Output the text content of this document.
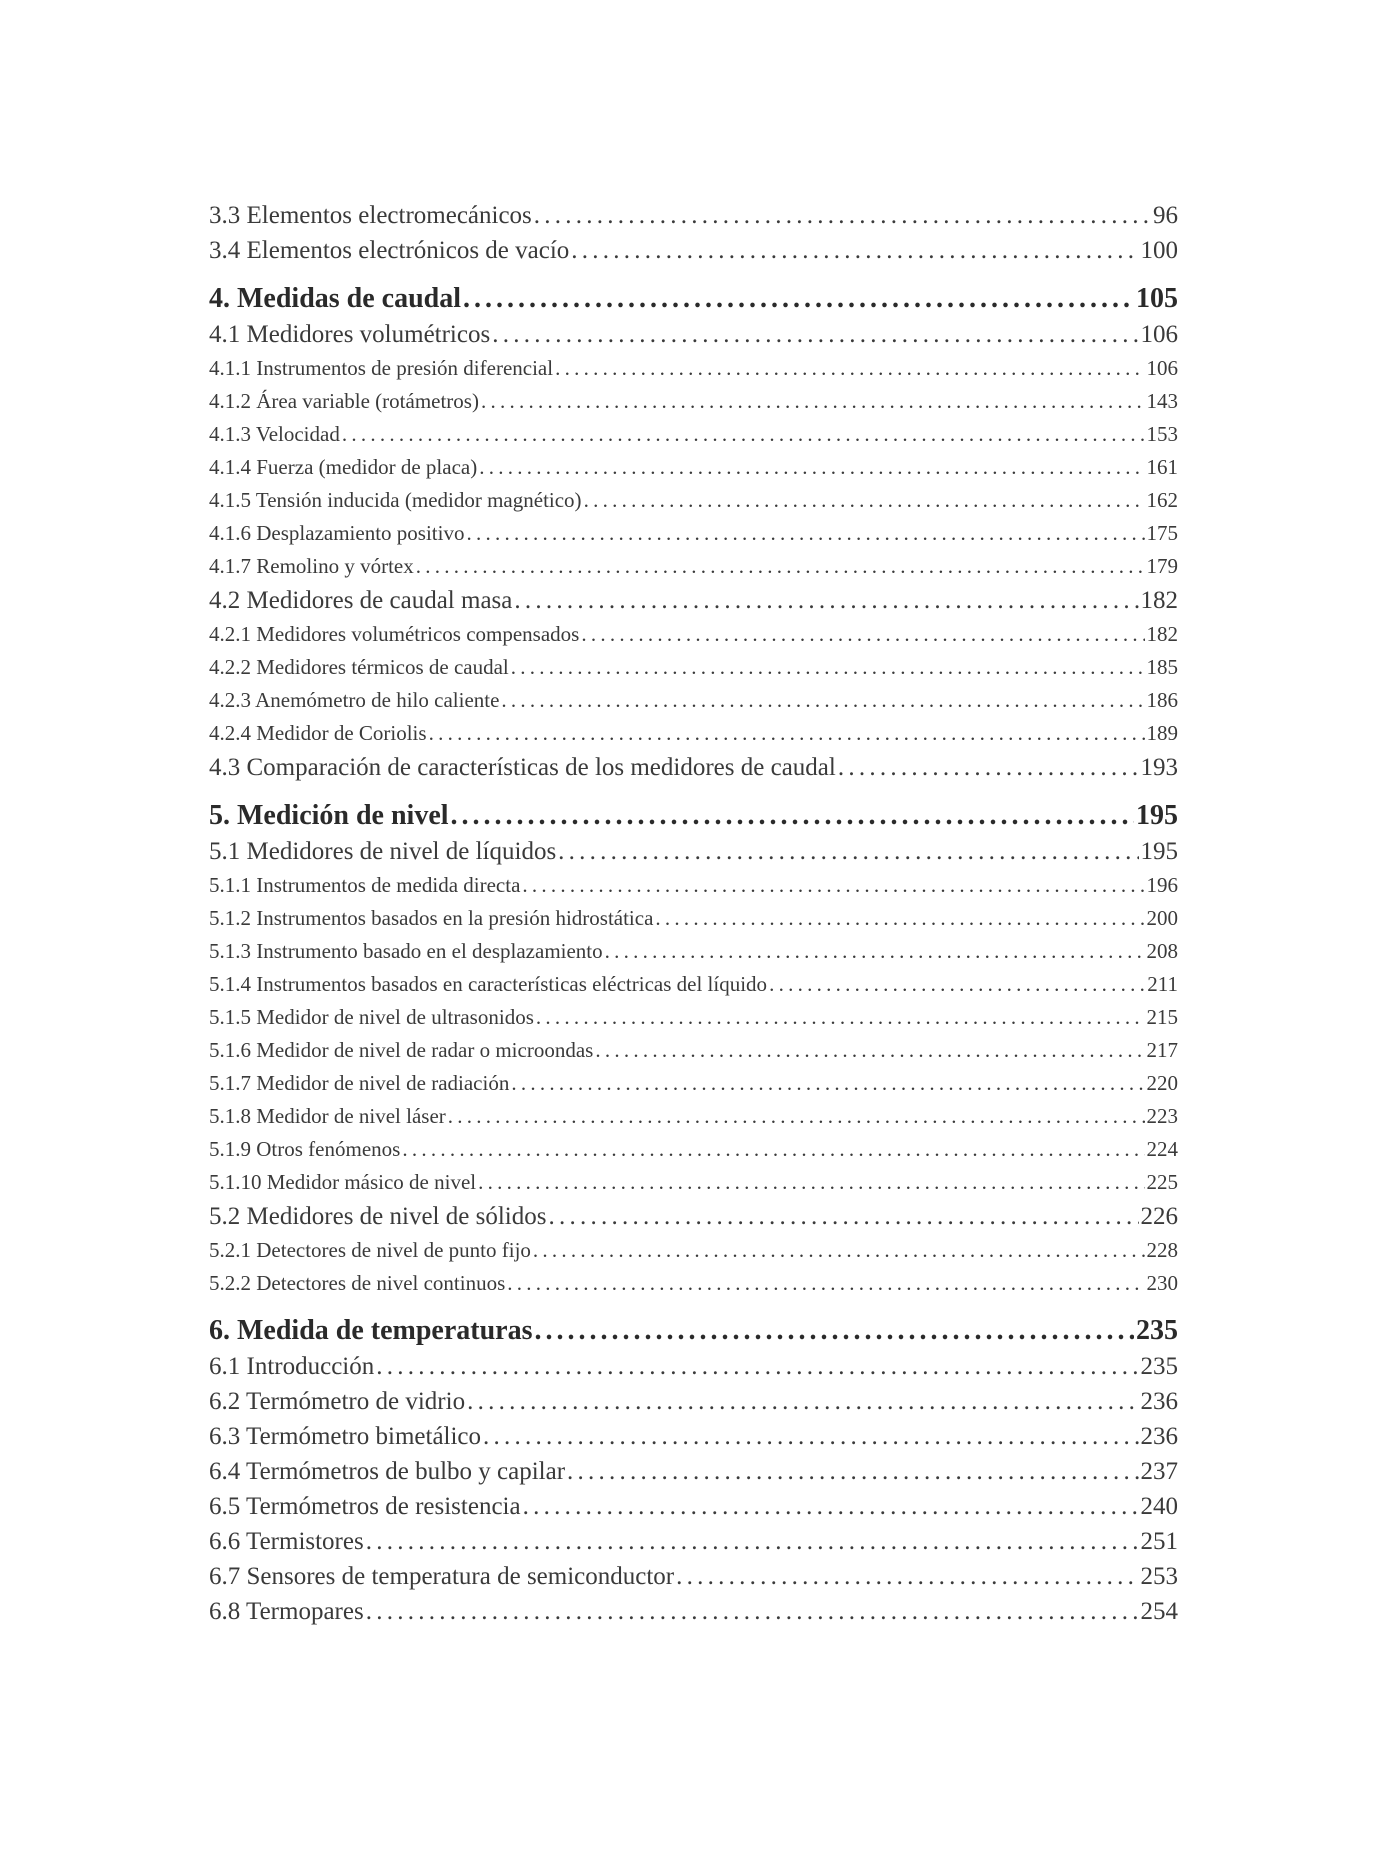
3.3 Elementos electromecánicos . . .	96
3.4 Elementos electrónicos de vacío . . .	100
4. Medidas de caudal . . .	105
4.1 Medidores volumétricos . . .	106
4.1.1 Instrumentos de presión diferencial . . .	106
4.1.2 Área variable (rotámetros) . . .	143
4.1.3 Velocidad . . .	153
4.1.4 Fuerza (medidor de placa) . . .	161
4.1.5 Tensión inducida (medidor magnético) . . .	162
4.1.6 Desplazamiento positivo . . .	175
4.1.7 Remolino y vórtex . . .	179
4.2 Medidores de caudal masa . . .	182
4.2.1 Medidores volumétricos compensados . . .	182
4.2.2 Medidores térmicos de caudal . . .	185
4.2.3 Anemómetro de hilo caliente . . .	186
4.2.4 Medidor de Coriolis . . .	189
4.3 Comparación de características de los medidores de caudal . . .	193
5. Medición de nivel . . .	195
5.1 Medidores de nivel de líquidos . . .	195
5.1.1 Instrumentos de medida directa . . .	196
5.1.2 Instrumentos basados en la presión hidrostática . . .	200
5.1.3 Instrumento basado en el desplazamiento . . .	208
5.1.4 Instrumentos basados en características eléctricas del líquido . . .	211
5.1.5 Medidor de nivel de ultrasonidos . . .	215
5.1.6 Medidor de nivel de radar o microondas . . .	217
5.1.7 Medidor de nivel de radiación . . .	220
5.1.8 Medidor de nivel láser . . .	223
5.1.9 Otros fenómenos . . .	224
5.1.10 Medidor másico de nivel . . .	225
5.2 Medidores de nivel de sólidos . . .	226
5.2.1 Detectores de nivel de punto fijo . . .	228
5.2.2 Detectores de nivel continuos . . .	230
6. Medida de temperaturas . . .	235
6.1 Introducción . . .	235
6.2 Termómetro de vidrio . . .	236
6.3 Termómetro bimetálico . . .	236
6.4 Termómetros de bulbo y capilar . . .	237
6.5 Termómetros de resistencia . . .	240
6.6 Termistores . . .	251
6.7 Sensores de temperatura de semiconductor . . .	253
6.8 Termopares . . .	254
